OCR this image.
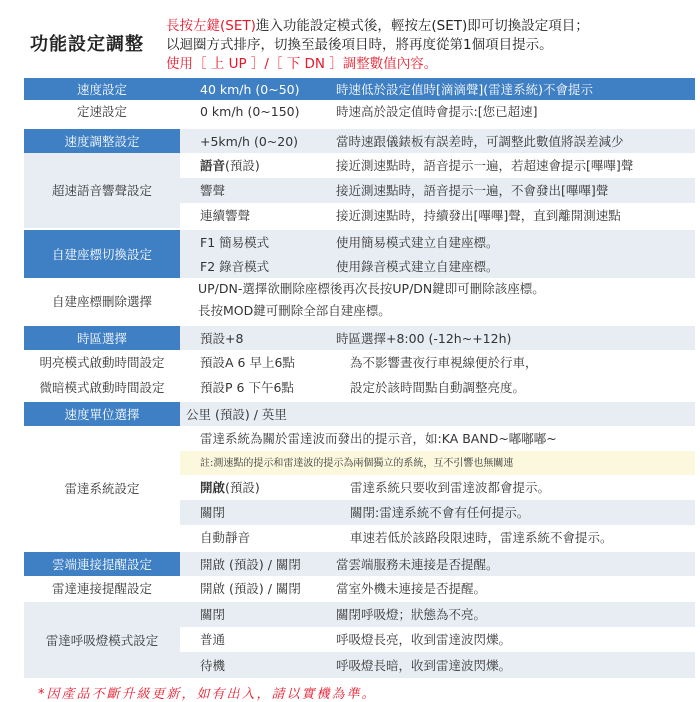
功能設定調整
長按左鍵(SET)進入功能設定模式後，輕按左(SET)即可切換設定項目；
以迴圈方式排序，切換至最後項目時，將再度從第1個項目提示。
使用［ 上 UP ］/［ 下 DN ］調整數值內容。
速度設定	40 km/h (0~50)	時速低於設定值時[滴滴聲](雷達系統)不會提示
定速設定	0 km/h (0~150)	時速高於設定值時會提示:[您已超速]
速度調整設定	+5km/h (0~20)	當時速跟儀錶板有誤差時，可調整此數值將誤差減少
超速語音響聲設定
語音 (預設)	接近測速點時，語音提示一遍，若超速會提示[嗶嗶]聲
響聲	接近測速點時，語音提示一遍，不會發出[嗶嗶]聲
連續響聲	接近測速點時，持續發出[嗶嗶]聲，直到離開測速點
自建座標切換設定
F1 簡易模式	使用簡易模式建立自建座標。
F2 錄音模式	使用錄音模式建立自建座標。
自建座標刪除選擇
UP/DN-選擇欲刪除座標後再次長按UP/DN鍵即可刪除該座標。
長按MOD鍵可刪除全部自建座標。
時區選擇	預設+8	時區選擇+8:00 (-12h~+12h)
明亮模式啟動時間設定	預設A 6 早上6點	為不影響晝夜行車視線便於行車，
微暗模式啟動時間設定	預設P 6 下午6點	設定於該時間點自動調整亮度。
速度單位選擇	公里 (預設) / 英里
雷達系統設定
雷達系統為關於雷達波而發出的提示音，如:KA BAND~嘟嘟嘟~
註:測速點的提示和雷達波的提示為兩個獨立的系統，互不引響也無關連
開啟 (預設)	雷達系統只要收到雷達波都會提示。
關閉	關閉:雷達系統不會有任何提示。
自動靜音	車速若低於該路段限速時，雷達系統不會提示。
雲端連接提醒設定	開啟 (預設) / 關閉	當雲端服務未連接是否提醒。
雷達連接提醒設定	開啟 (預設) / 關閉	當室外機未連接是否提醒。
雷達呼吸燈模式設定
關閉	關閉呼吸燈；狀態為不亮。
普通	呼吸燈長亮，收到雷達波閃爍。
待機	呼吸燈長暗，收到雷達波閃爍。
*因產品不斷升級更新，如有出入，請以實機為準。
